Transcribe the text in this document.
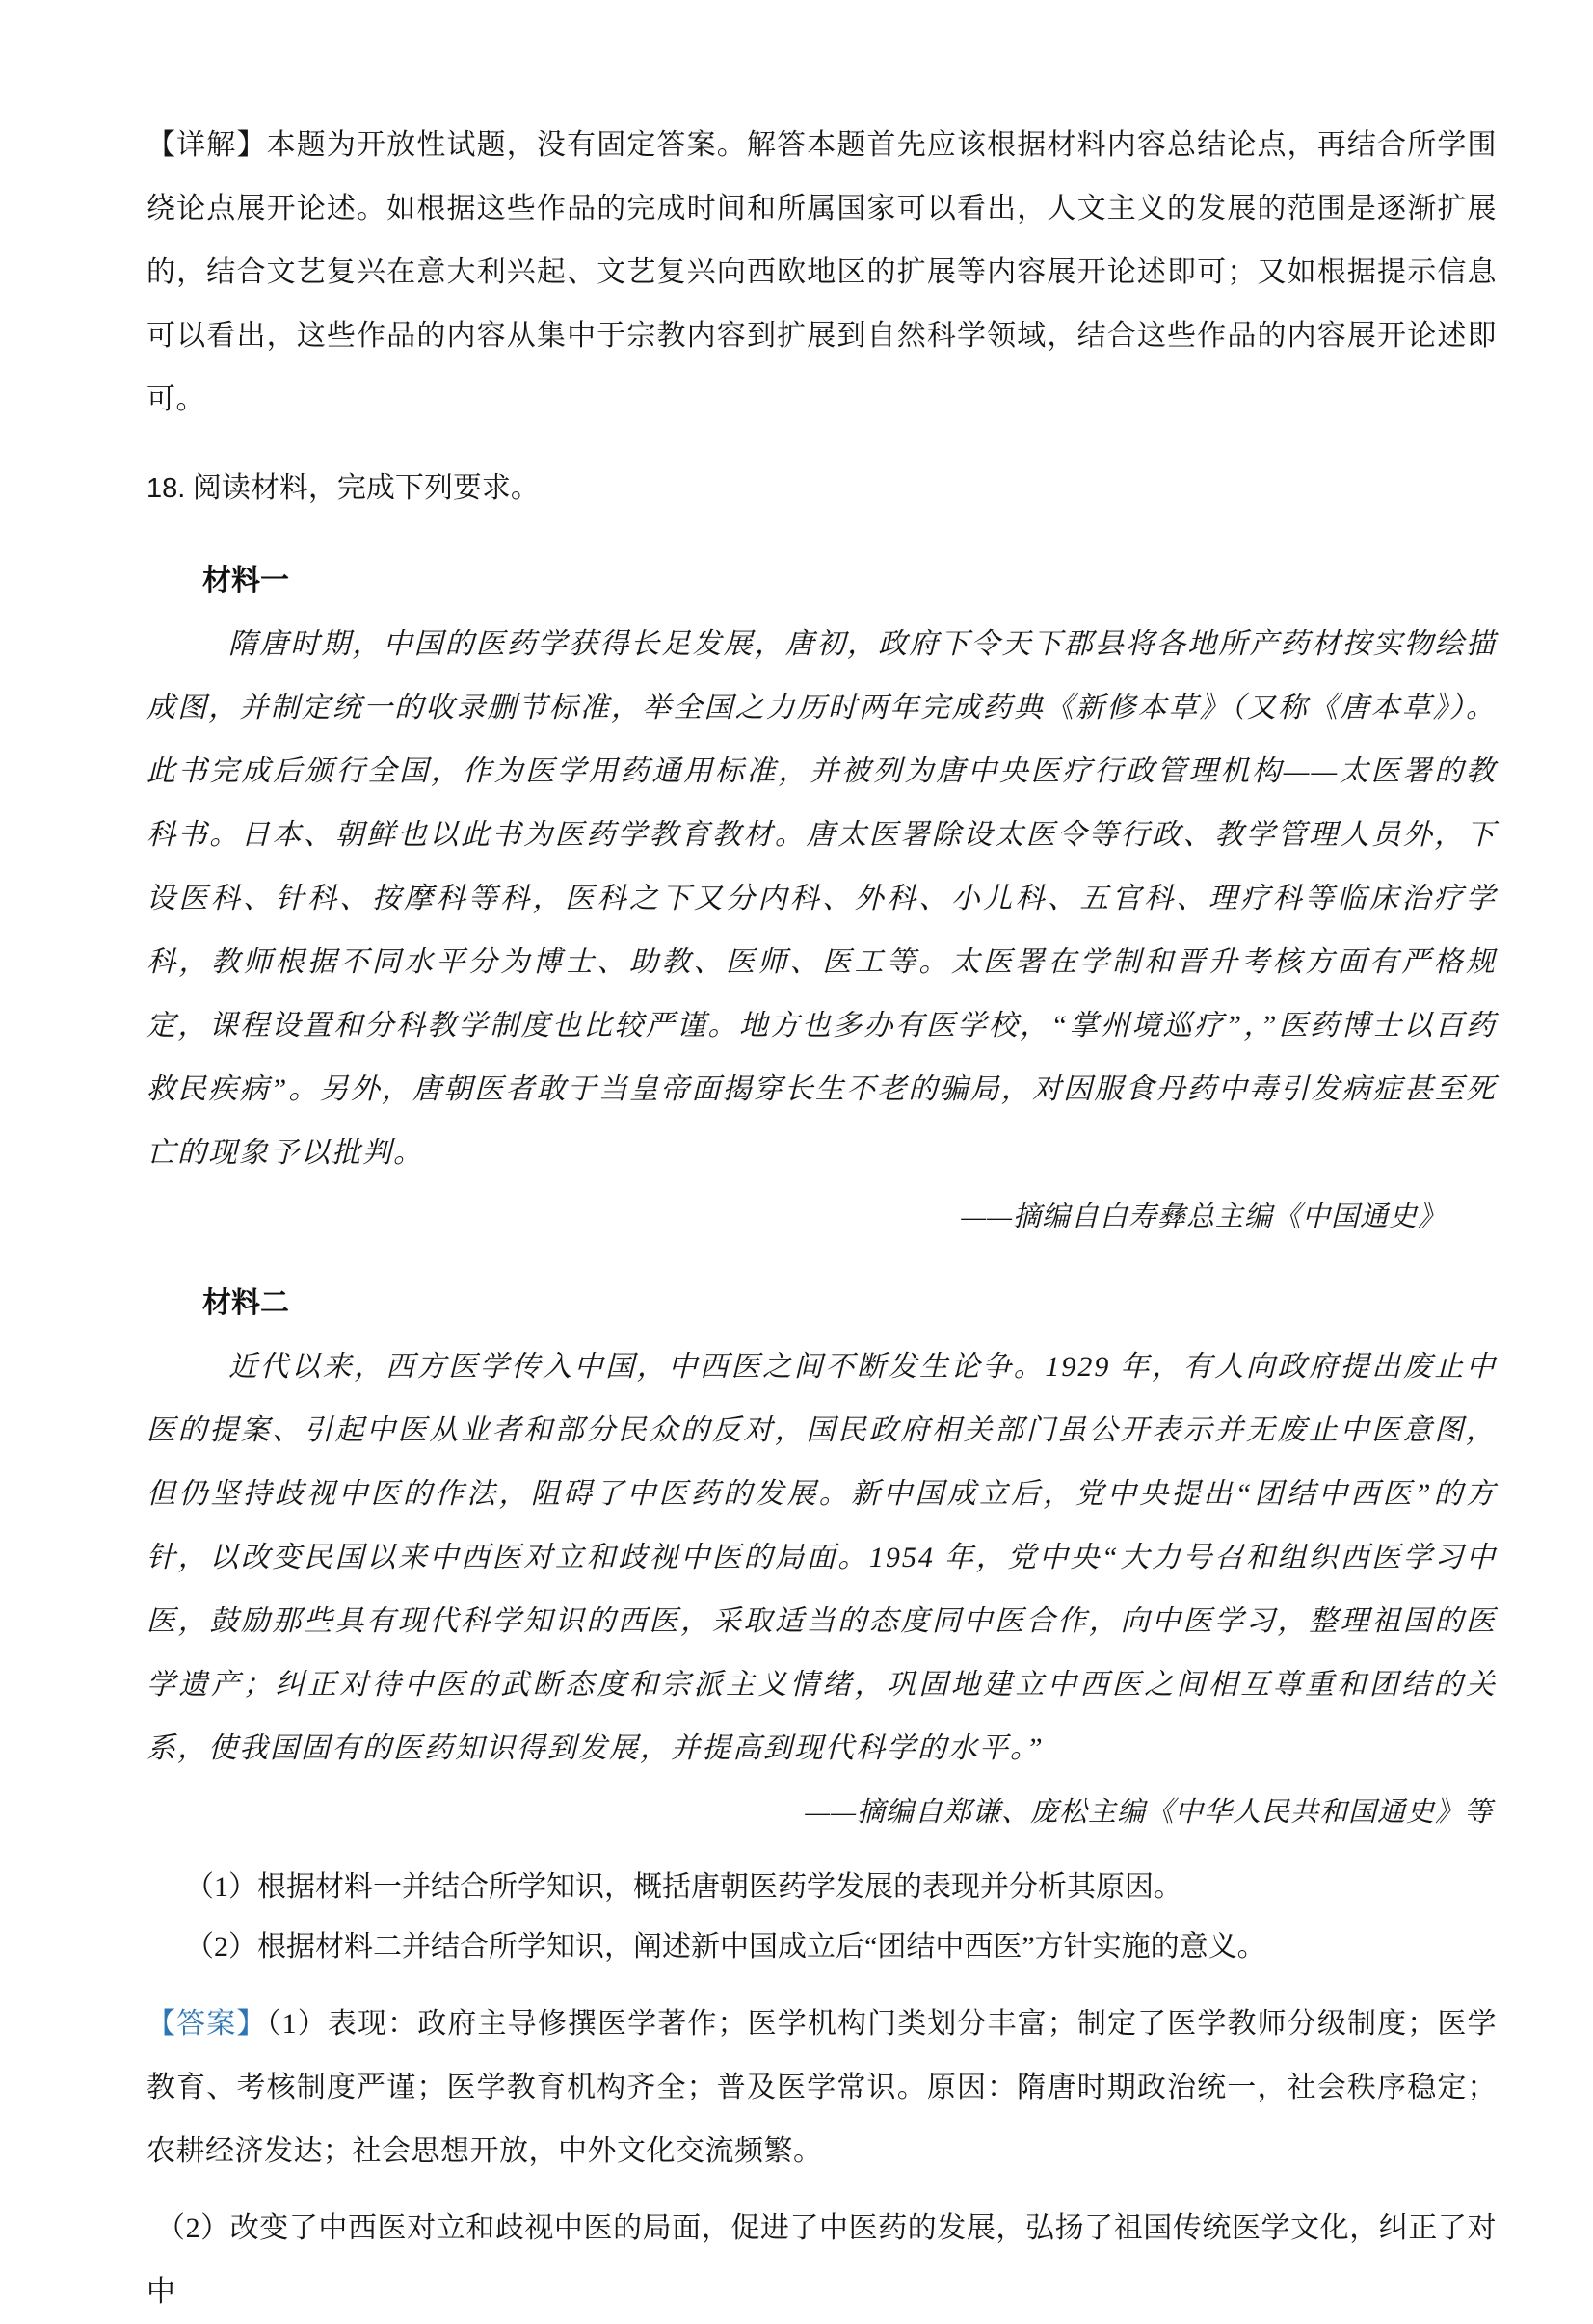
【详解】本题为开放性试题，没有固定答案。解答本题首先应该根据材料内容总结论点，再结合所学围绕论点展开论述。如根据这些作品的完成时间和所属国家可以看出，人文主义的发展的范围是逐渐扩展的，结合文艺复兴在意大利兴起、文艺复兴向西欧地区的扩展等内容展开论述即可；又如根据提示信息可以看出，这些作品的内容从集中于宗教内容到扩展到自然科学领域，结合这些作品的内容展开论述即可。

18. 阅读材料，完成下列要求。

材料一

隋唐时期，中国的医药学获得长足发展，唐初，政府下令天下郡县将各地所产药材按实物绘描成图，并制定统一的收录删节标准，举全国之力历时两年完成药典《新修本草》（又称《唐本草》）。此书完成后颁行全国，作为医学用药通用标准，并被列为唐中央医疗行政管理机构——太医署的教科书。日本、朝鲜也以此书为医药学教育教材。唐太医署除设太医令等行政、教学管理人员外，下设医科、针科、按摩科等科，医科之下又分内科、外科、小儿科、五官科、理疗科等临床治疗学科，教师根据不同水平分为博士、助教、医师、医工等。太医署在学制和晋升考核方面有严格规定，课程设置和分科教学制度也比较严谨。地方也多办有医学校，“掌州境巡疗”，”医药博士以百药救民疾病”。另外，唐朝医者敢于当皇帝面揭穿长生不老的骗局，对因服食丹药中毒引发病症甚至死亡的现象予以批判。

——摘编自白寿彝总主编《中国通史》

材料二

近代以来，西方医学传入中国，中西医之间不断发生论争。1929 年，有人向政府提出废止中医的提案、引起中医从业者和部分民众的反对，国民政府相关部门虽公开表示并无废止中医意图，但仍坚持歧视中医的作法，阻碍了中医药的发展。新中国成立后，党中央提出“团结中西医”的方针，以改变民国以来中西医对立和歧视中医的局面。1954 年，党中央“大力号召和组织西医学习中医，鼓励那些具有现代科学知识的西医，采取适当的态度同中医合作，向中医学习，整理祖国的医学遗产；纠正对待中医的武断态度和宗派主义情绪，巩固地建立中西医之间相互尊重和团结的关系，使我国固有的医药知识得到发展，并提高到现代科学的水平。”

——摘编自郑谦、庞松主编《中华人民共和国通史》等

（1）根据材料一并结合所学知识，概括唐朝医药学发展的表现并分析其原因。

（2）根据材料二并结合所学知识，阐述新中国成立后“团结中西医”方针实施的意义。

【答案】（1）表现：政府主导修撰医学著作；医学机构门类划分丰富；制定了医学教师分级制度；医学教育、考核制度严谨；医学教育机构齐全；普及医学常识。原因：隋唐时期政治统一，社会秩序稳定；农耕经济发达；社会思想开放，中外文化交流频繁。

（2）改变了中西医对立和歧视中医的局面，促进了中医药的发展，弘扬了祖国传统医学文化，纠正了对中
